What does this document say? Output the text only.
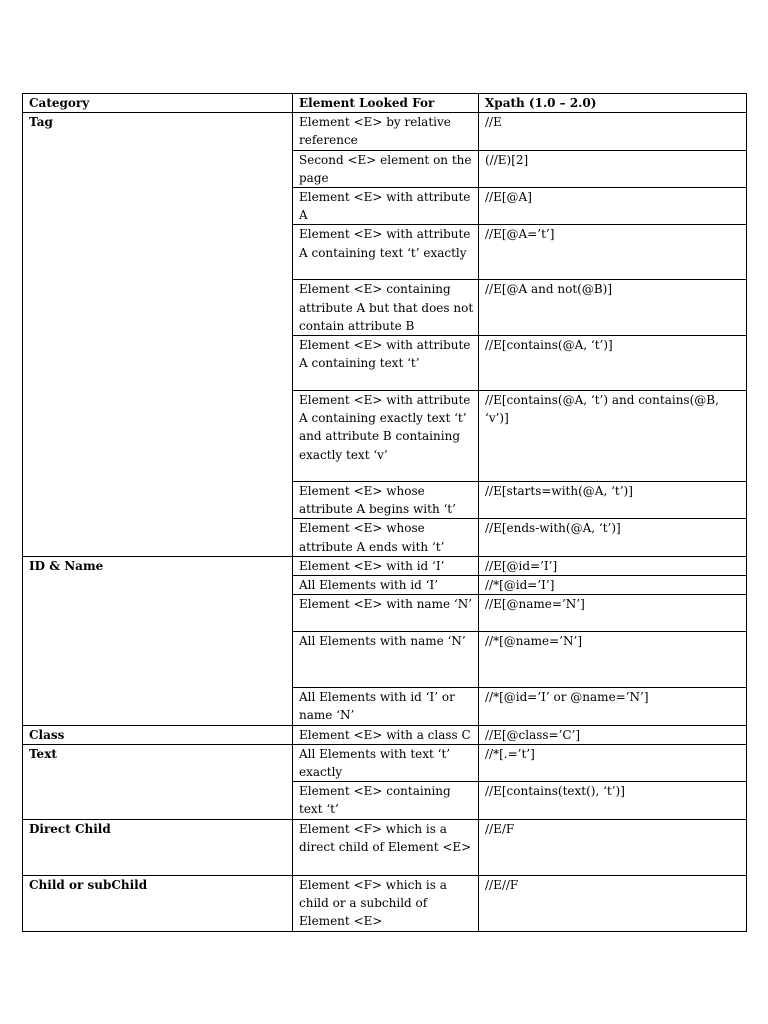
Category	Element Looked For	Xpath (1.0 – 2.0)
Tag	Element <E> by relative reference	//E
	Second <E> element on the page	(//E)[2]
	Element <E> with attribute A	//E[@A]
	Element <E> with attribute A containing text ‘t’ exactly	//E[@A=’t’]
	Element <E> containing attribute A but that does not contain attribute B	//E[@A and not(@B)]
	Element <E> with attribute A containing text ‘t’	//E[contains(@A, ‘t’)]
	Element <E> with attribute A containing exactly text ‘t’ and attribute B containing exactly text ‘v’	//E[contains(@A, ‘t’) and contains(@B, ‘v’)]
	Element <E> whose attribute A begins with ‘t’	//E[starts=with(@A, ‘t’)]
	Element <E> whose attribute A ends with ‘t’	//E[ends-with(@A, ‘t’)]
ID & Name	Element <E> with id ‘I’	//E[@id=’I’]
	All Elements with id ‘I’	//*[@id=’I’]
	Element <E> with name ‘N’	//E[@name=’N’]
	All Elements with name ‘N’	//*[@name=’N’]
	All Elements with id ‘I’ or name ‘N’	//*[@id=’I’ or @name=’N’]
Class	Element <E> with a class C	//E[@class=’C’]
Text	All Elements with text ‘t’ exactly	//*[.=’t’]
	Element <E> containing text ‘t’	//E[contains(text(), ‘t’)]
Direct Child	Element <F> which is a direct child of Element <E>	//E/F
Child or subChild	Element <F> which is a child or a subchild of Element <E>	//E//F
